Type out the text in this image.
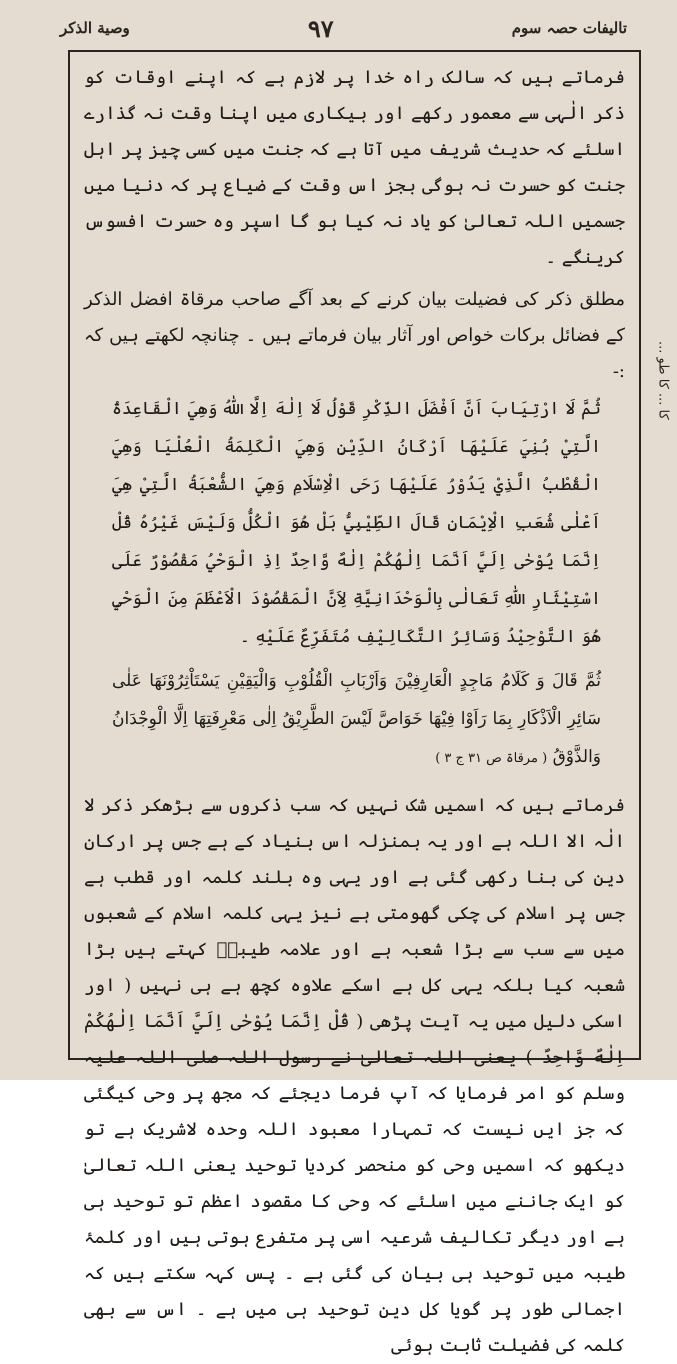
وصية الذكر	۹۷	تالیفات حصہ سوم
... کا ... کا طو

فرماتے ہیں کہ سالک راہ خدا پر لازم ہے کہ اپنے اوقات کو ذکر الٰہی سے معمور رکھے اور بیکاری میں اپنا وقت نہ گذارے اسلئے کہ حدیث شریف میں آتا ہے کہ جنت میں کسی چیز پر اہل جنت کو حسرت نہ ہوگی بجز اس وقت کے ضیاع پر کہ دنیا میں جسمیں اللہ تعالیٰ کو یاد نہ کیا ہو گا اسپر وہ حسرت افسوس کرینگے ۔

مطلق ذکر کی فضیلت بیان کرنے کے بعد آگے صاحب مرقاۃ افضل الذکر کے فضائل برکات خواص اور آثار بیان فرماتے ہیں ۔ چنانچہ لکھتے ہیں کہ :-

ثُمَّ لَا ارْتِيَابَ اَنَّ اَفْضَلَ الذِّكْرِ قَوْلُ لَا اِلٰهَ اِلَّا اللّٰهُ وَهِيَ الْقَاعِدَةُ الَّتِيْ بُنِيَ عَلَيْهَا اَرْكَانُ الدِّيْنِ وَهِيَ الْكَلِمَةُ الْعُلْيَا وَهِيَ الْقُطْبُ الَّذِيْ يَدُوْرُ عَلَيْهَا رَحَى الْاِسْلَامِ وَهِيَ الشُّعْبَةُ الَّتِيْ هِيَ اَعْلٰى شُعَبِ الْاِيْمَانِ قَالَ الطِّيْبِيُّ بَلْ هُوَ الْكُلُّ وَلَيْسَ غَيْرُهُ قُلْ اِنَّمَا يُوْحٰى اِلَيَّ اَنَّمَا اِلٰهُكُمْ اِلٰهٌ وَّاحِدٌ اِذِ الْوَحْيُ مَقْصُوْرٌ عَلَى اسْتِيْثَارِ اللّٰهِ تَعَالٰى بِالْوَحْدَانِيَّةِ لِاَنَّ الْمَقْصُوْدَ الْاَعْظَمَ مِنَ الْوَحْيِ هُوَ التَّوْحِيْدُ وَسَائِرُ التَّكَالِيْفِ مُتَفَرِّعٌ عَلَيْهِ ۔

ثُمَّ قَالَ وَ كَلَامُ مَاجِدٍ الْعَارِفِيْنَ وَاَرْبَابِ الْقُلُوْبِ وَالْيَقِيْنِ يَسْتَاْثِرُوْنَهَا عَلٰى سَائِرِ الْاَذْكَارِ بِمَا رَاَوْا فِيْهَا خَوَاصَّ لَيْسَ الطَّرِيْقُ اِلٰى مَعْرِفَتِهَا اِلَّا الْوِجْدَانُ وَالذَّوْقُ ( مرقاۃ ص ۳۱ ج ۳ )

فرماتے ہیں کہ اسمیں شک نہیں کہ سب ذکروں سے بڑھکر ذکر لا الٰہ الا اللہ ہے اور یہ بمنزلہ اس بنیاد کے ہے جس پر ارکان دین کی بنا رکھی گئی ہے اور یہی وہ بلند کلمہ اور قطب ہے جس پر اسلام کی چکی گھومتی ہے نیز یہی کلمہ اسلام کے شعبوں میں سے سب سے بڑا شعبہ ہے اور علامہ طیبیؒ کہتے ہیں بڑا شعبہ کیا بلکہ یہی کل ہے اسکے علاوہ کچھ ہے ہی نہیں ( اور اسکی دلیل میں یہ آیت پڑھی ( قُلْ اِنَّمَا يُوْحٰى اِلَيَّ اَنَّمَا اِلٰهُكُمْ اِلٰهٌ وَّاحِدٌ ) یعنی اللہ تعالیٰ نے رسول اللہ صلی اللہ علیہ وسلم کو امر فرمایا کہ آپ فرما دیجئے کہ مجھ پر وحی کیگئی کہ جز ایں نیست کہ تمہارا معبود اللہ وحدہ لاشریک ہے تو دیکھو کہ اسمیں وحی کو منحصر کردیا توحید یعنی اللہ تعالیٰ کو ایک جاننے میں اسلئے کہ وحی کا مقصود اعظم تو توحید ہی ہے اور دیگر تکالیف شرعیہ اسی پر متفرع ہوتی ہیں اور کلمۂ طیبہ میں توحید ہی بیان کی گئی ہے ۔ پس کہہ سکتے ہیں کہ اجمالی طور پر گویا کل دین توحید ہی میں ہے ۔ اس سے بھی کلمہ کی فضیلت ثابت ہوئی
